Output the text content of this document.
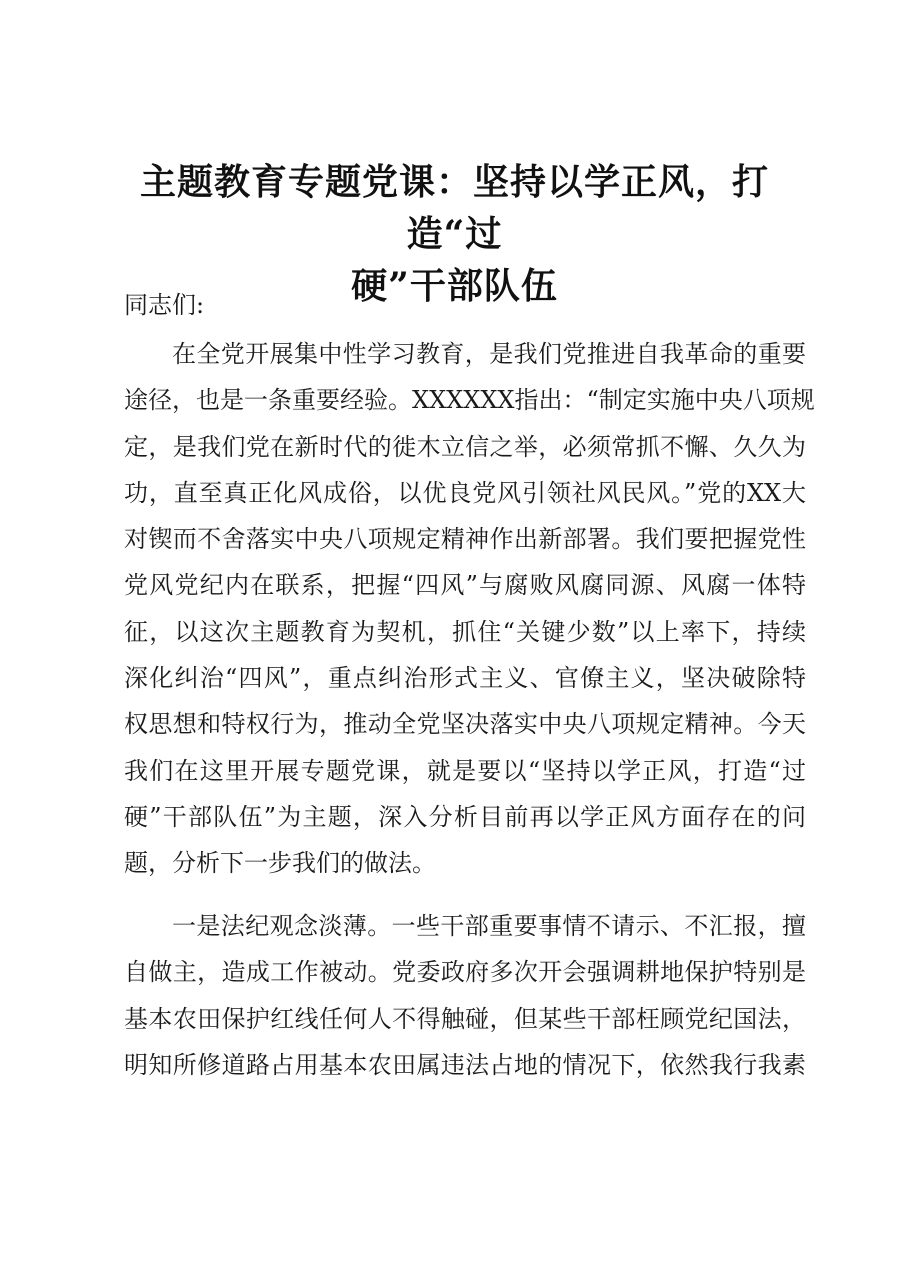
主题教育专题党课：坚持以学正风，打造“过
硬”干部队伍

同志们:

在全党开展集中性学习教育，是我们党推进自我革命的重要
途径，也是一条重要经验。XXXXXX指出：“制定实施中央八项规
定，是我们党在新时代的徙木立信之举，必须常抓不懈、久久为
功，直至真正化风成俗，以优良党风引领社风民风。”党的XX大
对锲而不舍落实中央八项规定精神作出新部署。我们要把握党性
党风党纪内在联系，把握“四风”与腐败风腐同源、风腐一体特
征，以这次主题教育为契机，抓住“关键少数”以上率下，持续
深化纠治“四风”，重点纠治形式主义、官僚主义，坚决破除特
权思想和特权行为，推动全党坚决落实中央八项规定精神。今天
我们在这里开展专题党课，就是要以“坚持以学正风，打造“过
硬”干部队伍”为主题，深入分析目前再以学正风方面存在的问
题，分析下一步我们的做法。
一是法纪观念淡薄。一些干部重要事情不请示、不汇报，擅
自做主，造成工作被动。党委政府多次开会强调耕地保护特别是
基本农田保护红线任何人不得触碰，但某些干部枉顾党纪国法，
明知所修道路占用基本农田属违法占地的情况下，依然我行我素
